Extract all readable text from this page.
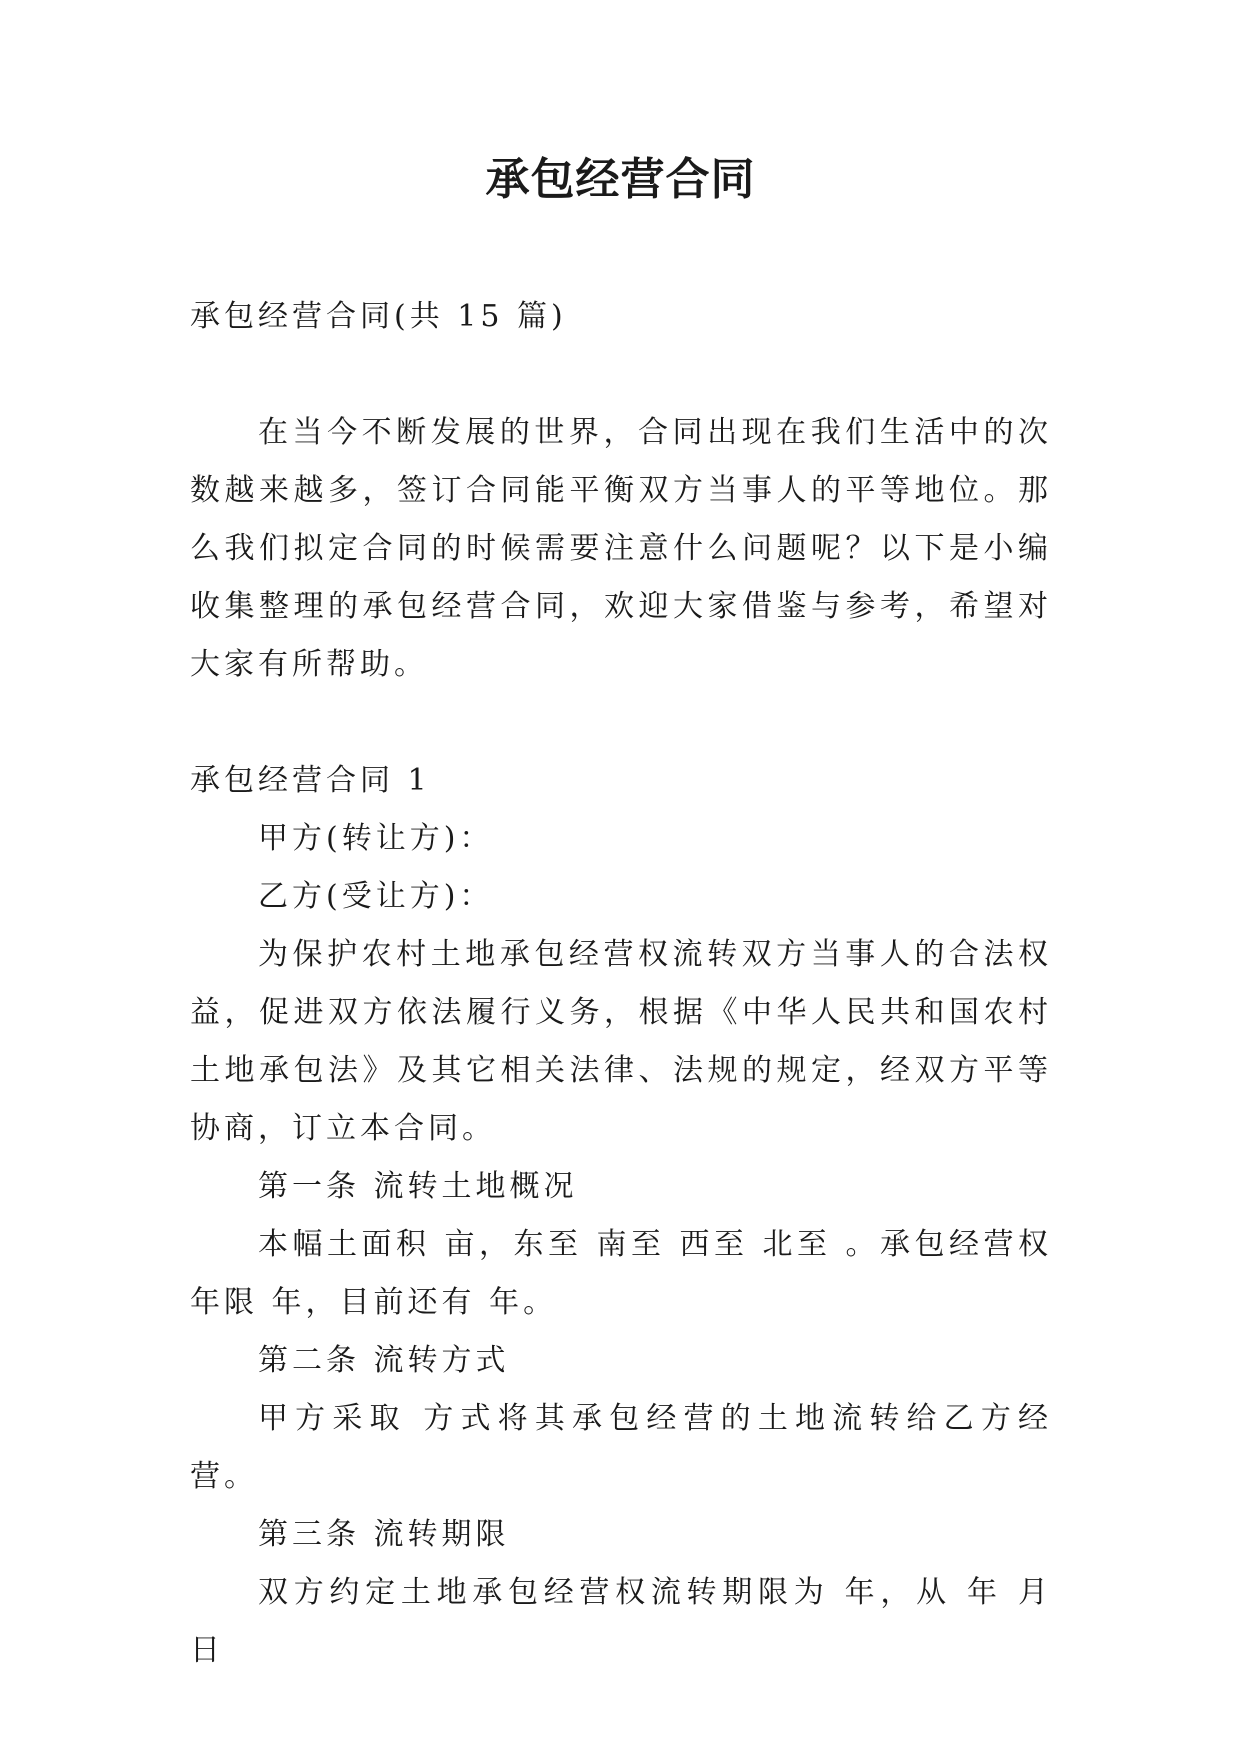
承包经营合同

承包经营合同(共 15 篇)

在当今不断发展的世界，合同出现在我们生活中的次数越来越多，签订合同能平衡双方当事人的平等地位。那么我们拟定合同的时候需要注意什么问题呢？以下是小编收集整理的承包经营合同，欢迎大家借鉴与参考，希望对大家有所帮助。

承包经营合同 1

甲方(转让方)：

乙方(受让方)：

为保护农村土地承包经营权流转双方当事人的合法权益，促进双方依法履行义务，根据《中华人民共和国农村土地承包法》及其它相关法律、法规的规定，经双方平等协商，订立本合同。

第一条 流转土地概况

本幅土面积 亩，东至 南至 西至 北至 。承包经营权年限 年，目前还有 年。

第二条 流转方式

甲方采取 方式将其承包经营的土地流转给乙方经营。

第三条 流转期限

双方约定土地承包经营权流转期限为 年，从 年 月 日
